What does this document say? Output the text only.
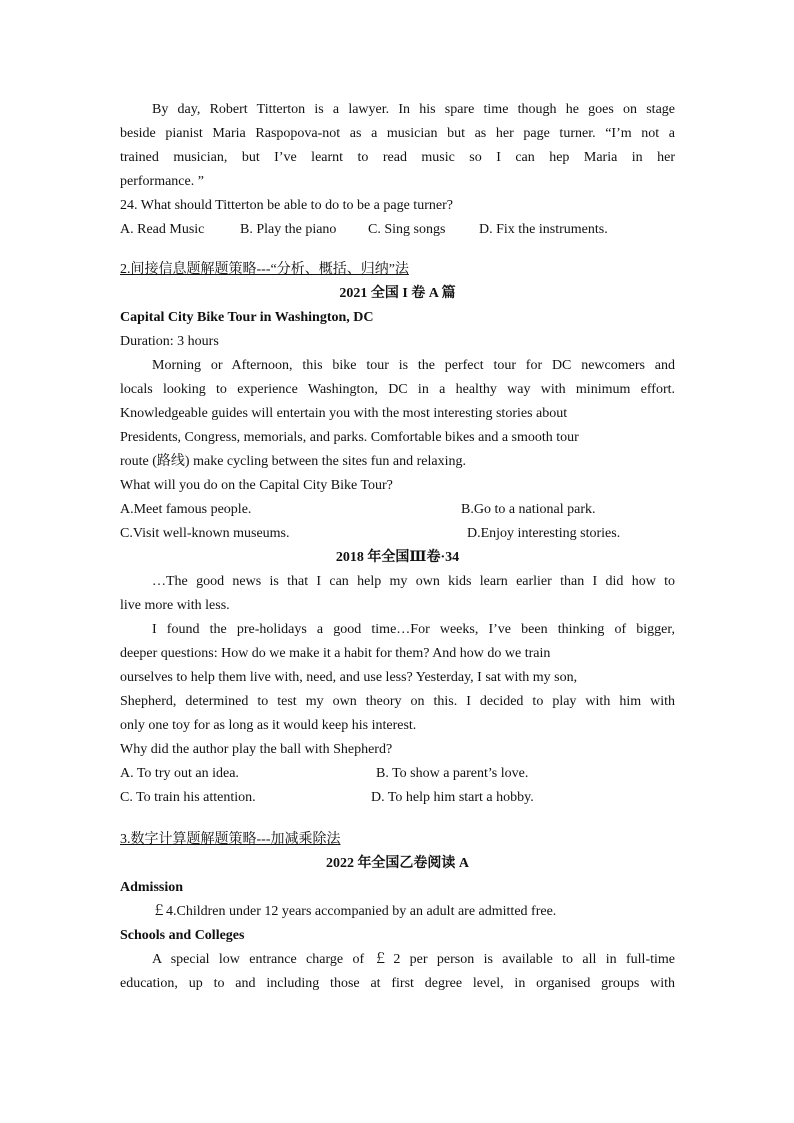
By day, Robert Titterton is a lawyer. In his spare time though he goes on stage
beside pianist Maria Raspopova-not as a musician but as her page turner. “I’m not a
trained musician, but I’ve learnt to read music so I can hep Maria in her
performance. ”
24. What should Titterton be able to do to be a page turner?
A. Read Music	B. Play the piano C. Sing songs D. Fix the instruments.
2.间接信息题解题策略---“分析、概括、归纳”法
2021 全国 I 卷 A 篇
Capital City Bike Tour in Washington, DC
Duration: 3 hours
Morning or Afternoon, this bike tour is the perfect tour for DC newcomers and
locals looking to experience Washington, DC in a healthy way with minimum effort.
Knowledgeable guides will entertain you with the most interesting stories about
Presidents, Congress, memorials, and parks. Comfortable bikes and a smooth tour
route (路线) make cycling between the sites fun and relaxing.
What will you do on the Capital City Bike Tour?
A.Meet famous people.	B.Go to a national park.
C.Visit well-known museums.	D.Enjoy interesting stories.
2018 年全国Ⅲ卷·34
…The good news is that I can help my own kids learn earlier than I did how to
live more with less.
I found the pre-holidays a good time…For weeks, I’ve been thinking of bigger,
deeper questions: How do we make it a habit for them? And how do we train
ourselves to help them live with, need, and use less? Yesterday, I sat with my son,
Shepherd, determined to test my own theory on this. I decided to play with him with
only one toy for as long as it would keep his interest.
Why did the author play the ball with Shepherd?
A. To try out an idea.	B. To show a parent’s love.
C. To train his attention.	D. To help him start a hobby.
3.数字计算题解题策略---加减乘除法
2022 年全国乙卷阅读 A
Admission
￡4.Children under 12 years accompanied by an adult are admitted free.
Schools and Colleges
A special low entrance charge of ￡2 per person is available to all in full-time
education, up to and including those at first degree level, in organised groups with
